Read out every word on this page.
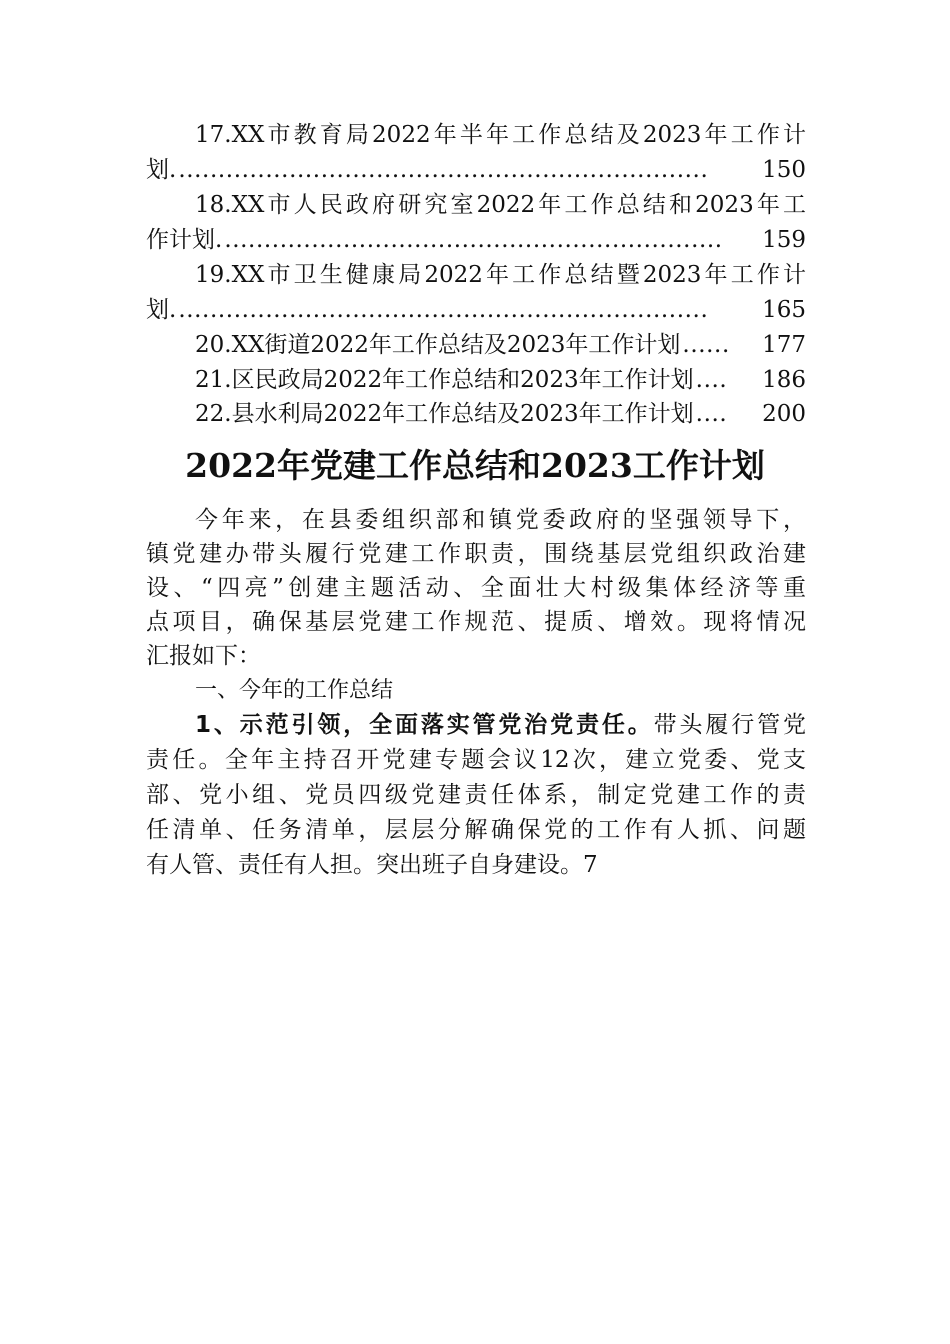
17.XX市教育局2022年半年工作总结及2023年工作计
划. ...................................................................	150
18.XX市人民政府研究室2022年工作总结和2023年工
作计划. ...............................................................	159
19.XX市卫生健康局2022年工作总结暨2023年工作计
划. ...................................................................	165
20.XX街道2022年工作总结及2023年工作计划 ......	177
21.区民政局2022年工作总结和2023年工作计划 ....	186
22.县水利局2022年工作总结及2023年工作计划 ....	200
2022年党建工作总结和2023工作计划
今年来，在县委组织部和镇党委政府的坚强领导下，
镇党建办带头履行党建工作职责，围绕基层党组织政治建
设、“四亮”创建主题活动、全面壮大村级集体经济等重
点项目，确保基层党建工作规范、提质、增效。现将情况
汇报如下：
一、今年的工作总结
1、示范引领，全面落实管党治党责任。带头履行管党
责任。全年主持召开党建专题会议12次，建立党委、党支
部、党小组、党员四级党建责任体系，制定党建工作的责
任清单、任务清单，层层分解确保党的工作有人抓、问题
有人管、责任有人担。突出班子自身建设。7
